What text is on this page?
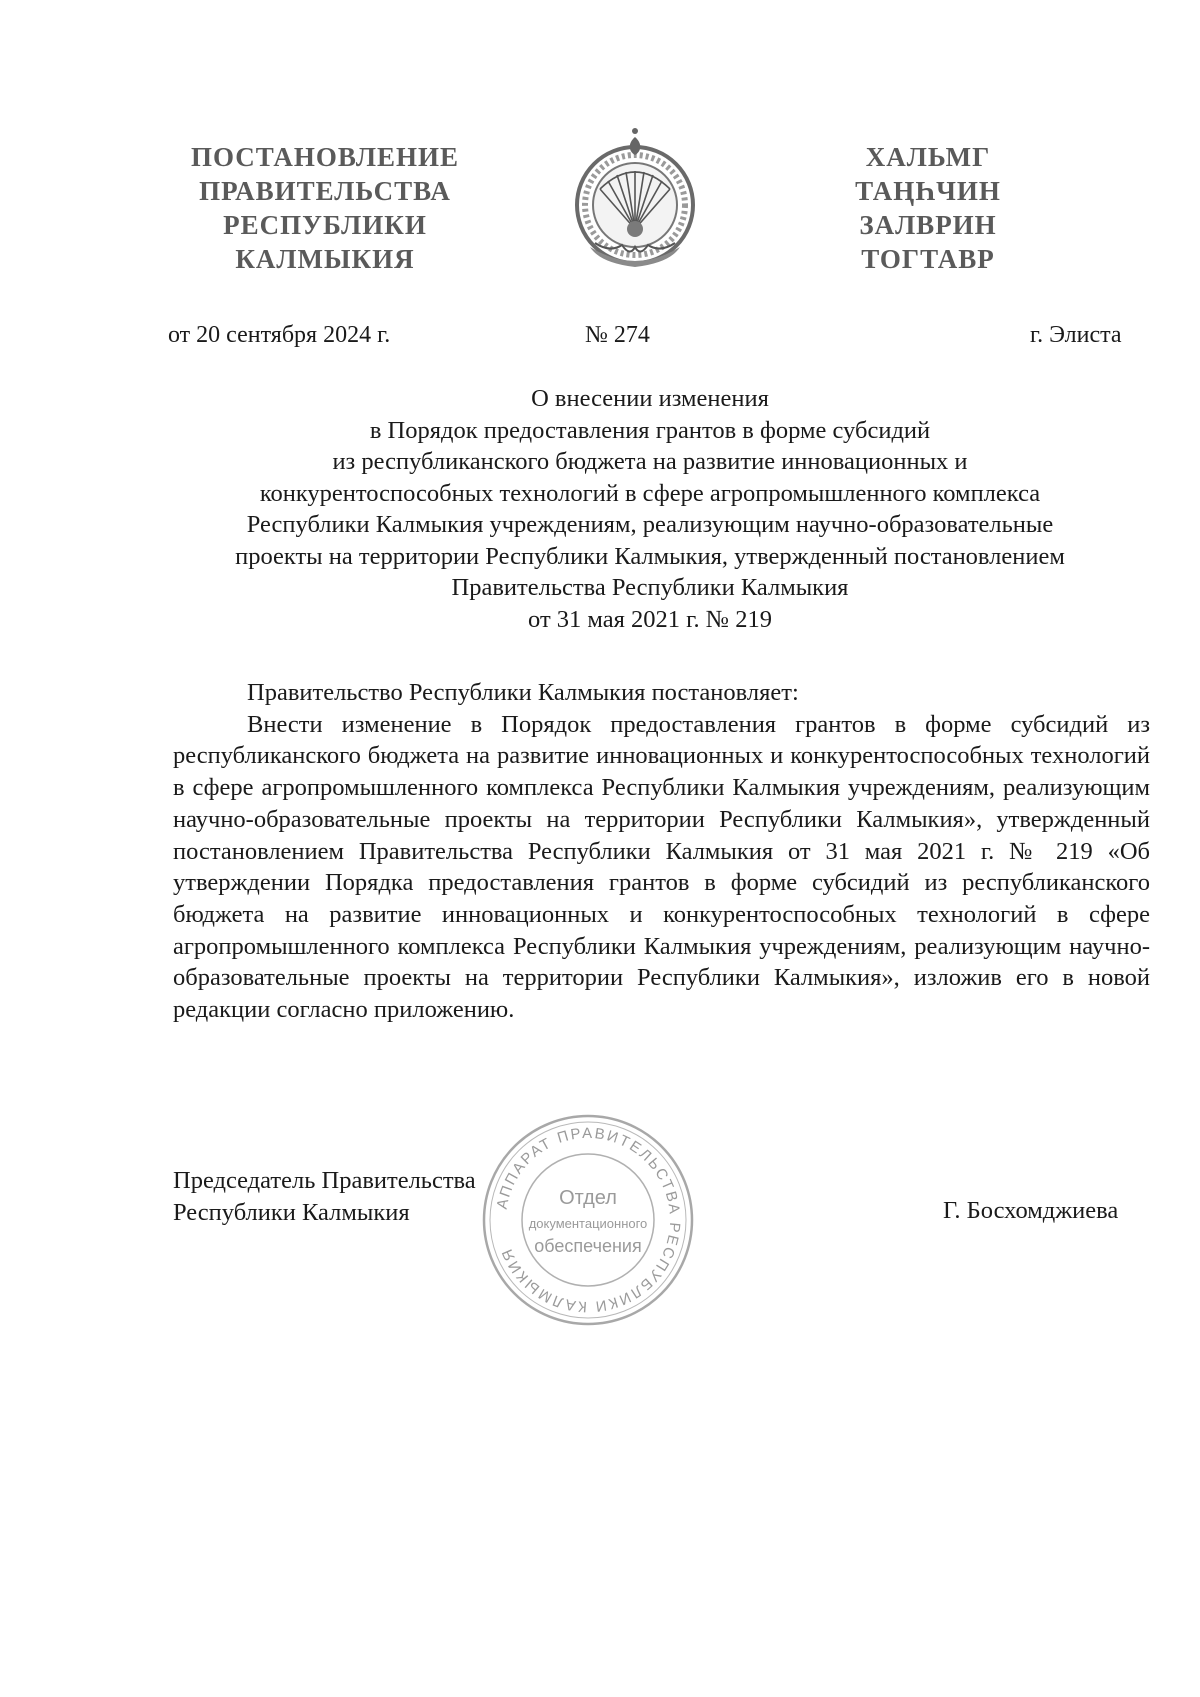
ПОСТАНОВЛЕНИЕ
ПРАВИТЕЛЬСТВА
РЕСПУБЛИКИ
КАЛМЫКИЯ
ХАЛЬМГ
ТАҢҺЧИН
ЗАЛВРИН
ТОГТАВР
от 20 сентября 2024 г.	№ 274	г. Элиста
О внесении изменения
в Порядок предоставления грантов в форме субсидий
из республиканского бюджета на развитие инновационных и
конкурентоспособных технологий в сфере агропромышленного комплекса
Республики Калмыкия учреждениям, реализующим научно-образовательные
проекты на территории Республики Калмыкия, утвержденный постановлением
Правительства Республики Калмыкия
от 31 мая 2021 г. № 219
Правительство Республики Калмыкия постановляет:
Внести изменение в Порядок предоставления грантов в форме субсидий из республиканского бюджета на развитие инновационных и конкурентоспособных технологий в сфере агропромышленного комплекса Республики Калмыкия учреждениям, реализующим научно-образовательные проекты на территории Республики Калмыкия», утвержденный постановлением Правительства Республики Калмыкия от 31 мая 2021 г. № 219 «Об утверждении Порядка предоставления грантов в форме субсидий из республиканского бюджета на развитие инновационных и конкурентоспособных технологий в сфере агропромышленного комплекса Республики Калмыкия учреждениям, реализующим научно-образовательные проекты на территории Республики Калмыкия», изложив его в новой редакции согласно приложению.
АППАРАТ ПРАВИТЕЛЬСТВА РЕСПУБЛИКИ КАЛМЫКИЯ
Отдел
документационного
обеспечения
Председатель Правительства
Республики Калмыкия	Г. Босхомджиева
